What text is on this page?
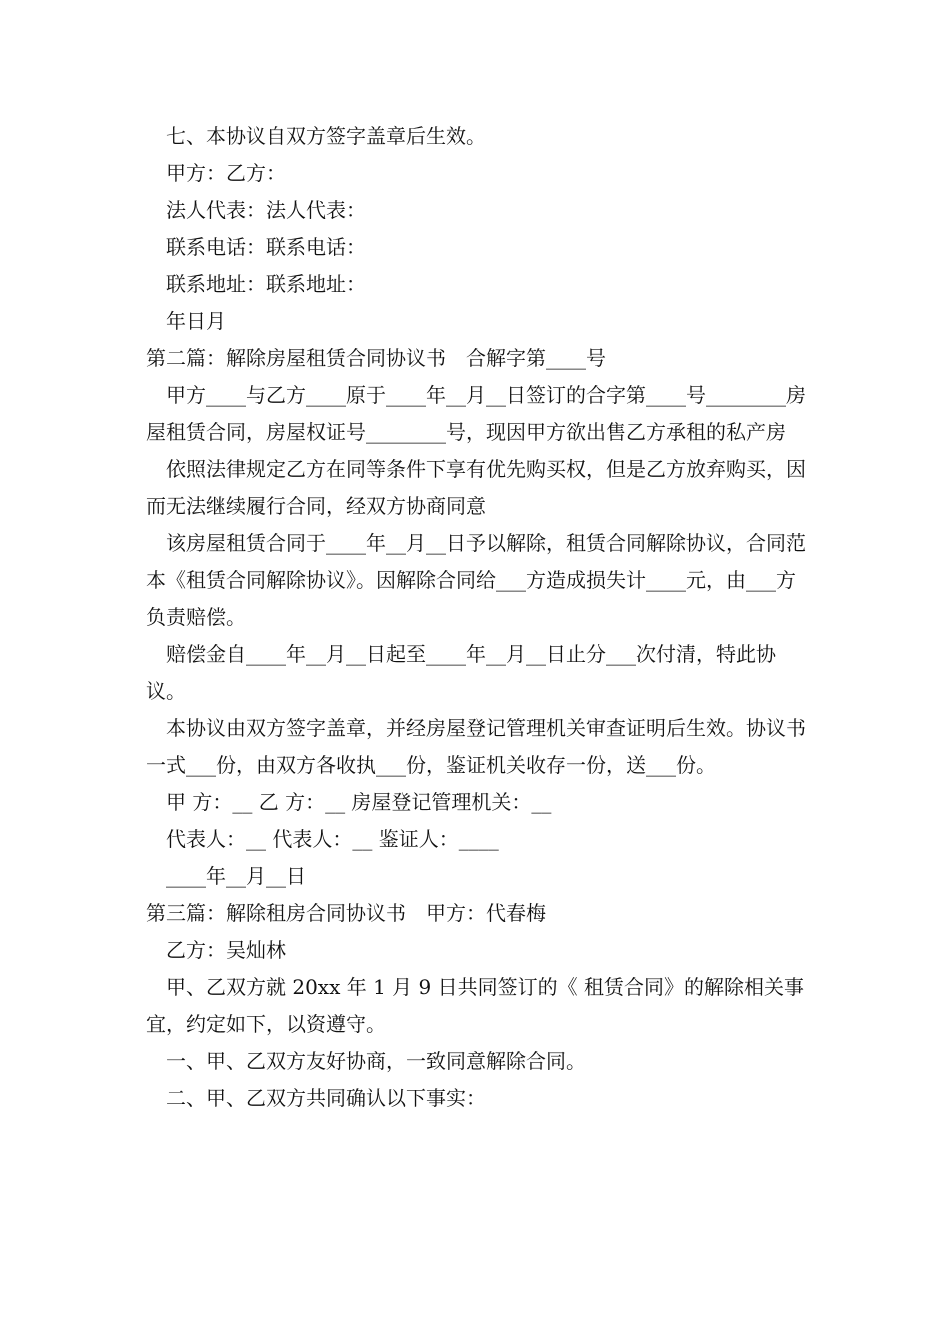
七、本协议自双方签字盖章后生效。

甲方：乙方：

法人代表：法人代表：

联系电话：联系电话：

联系地址：联系地址：

年日月

第二篇：解除房屋租赁合同协议书　合解字第____号

甲方____与乙方____原于____年__月__日签订的合字第____号________房屋租赁合同，房屋权证号________号，现因甲方欲出售乙方承租的私产房

依照法律规定乙方在同等条件下享有优先购买权，但是乙方放弃购买，因而无法继续履行合同，经双方协商同意

该房屋租赁合同于____年__月__日予以解除，租赁合同解除协议，合同范本《租赁合同解除协议》。因解除合同给___方造成损失计____元，由___方负责赔偿。

赔偿金自____年__月__日起至____年__月__日止分___次付清，特此协议。

本协议由双方签字盖章，并经房屋登记管理机关审查证明后生效。协议书一式___份，由双方各收执___份，鉴证机关收存一份，送___份。

甲 方：__ 乙 方：__ 房屋登记管理机关：__

代表人：__ 代表人：__ 鉴证人：____

____年__月__日

第三篇：解除租房合同协议书　甲方：代春梅

乙方：吴灿林

甲、乙双方就 20xx 年 1 月 9 日共同签订的《 租赁合同》的解除相关事宜，约定如下，以资遵守。

一、甲、乙双方友好协商，一致同意解除合同。

二、甲、乙双方共同确认以下事实：
